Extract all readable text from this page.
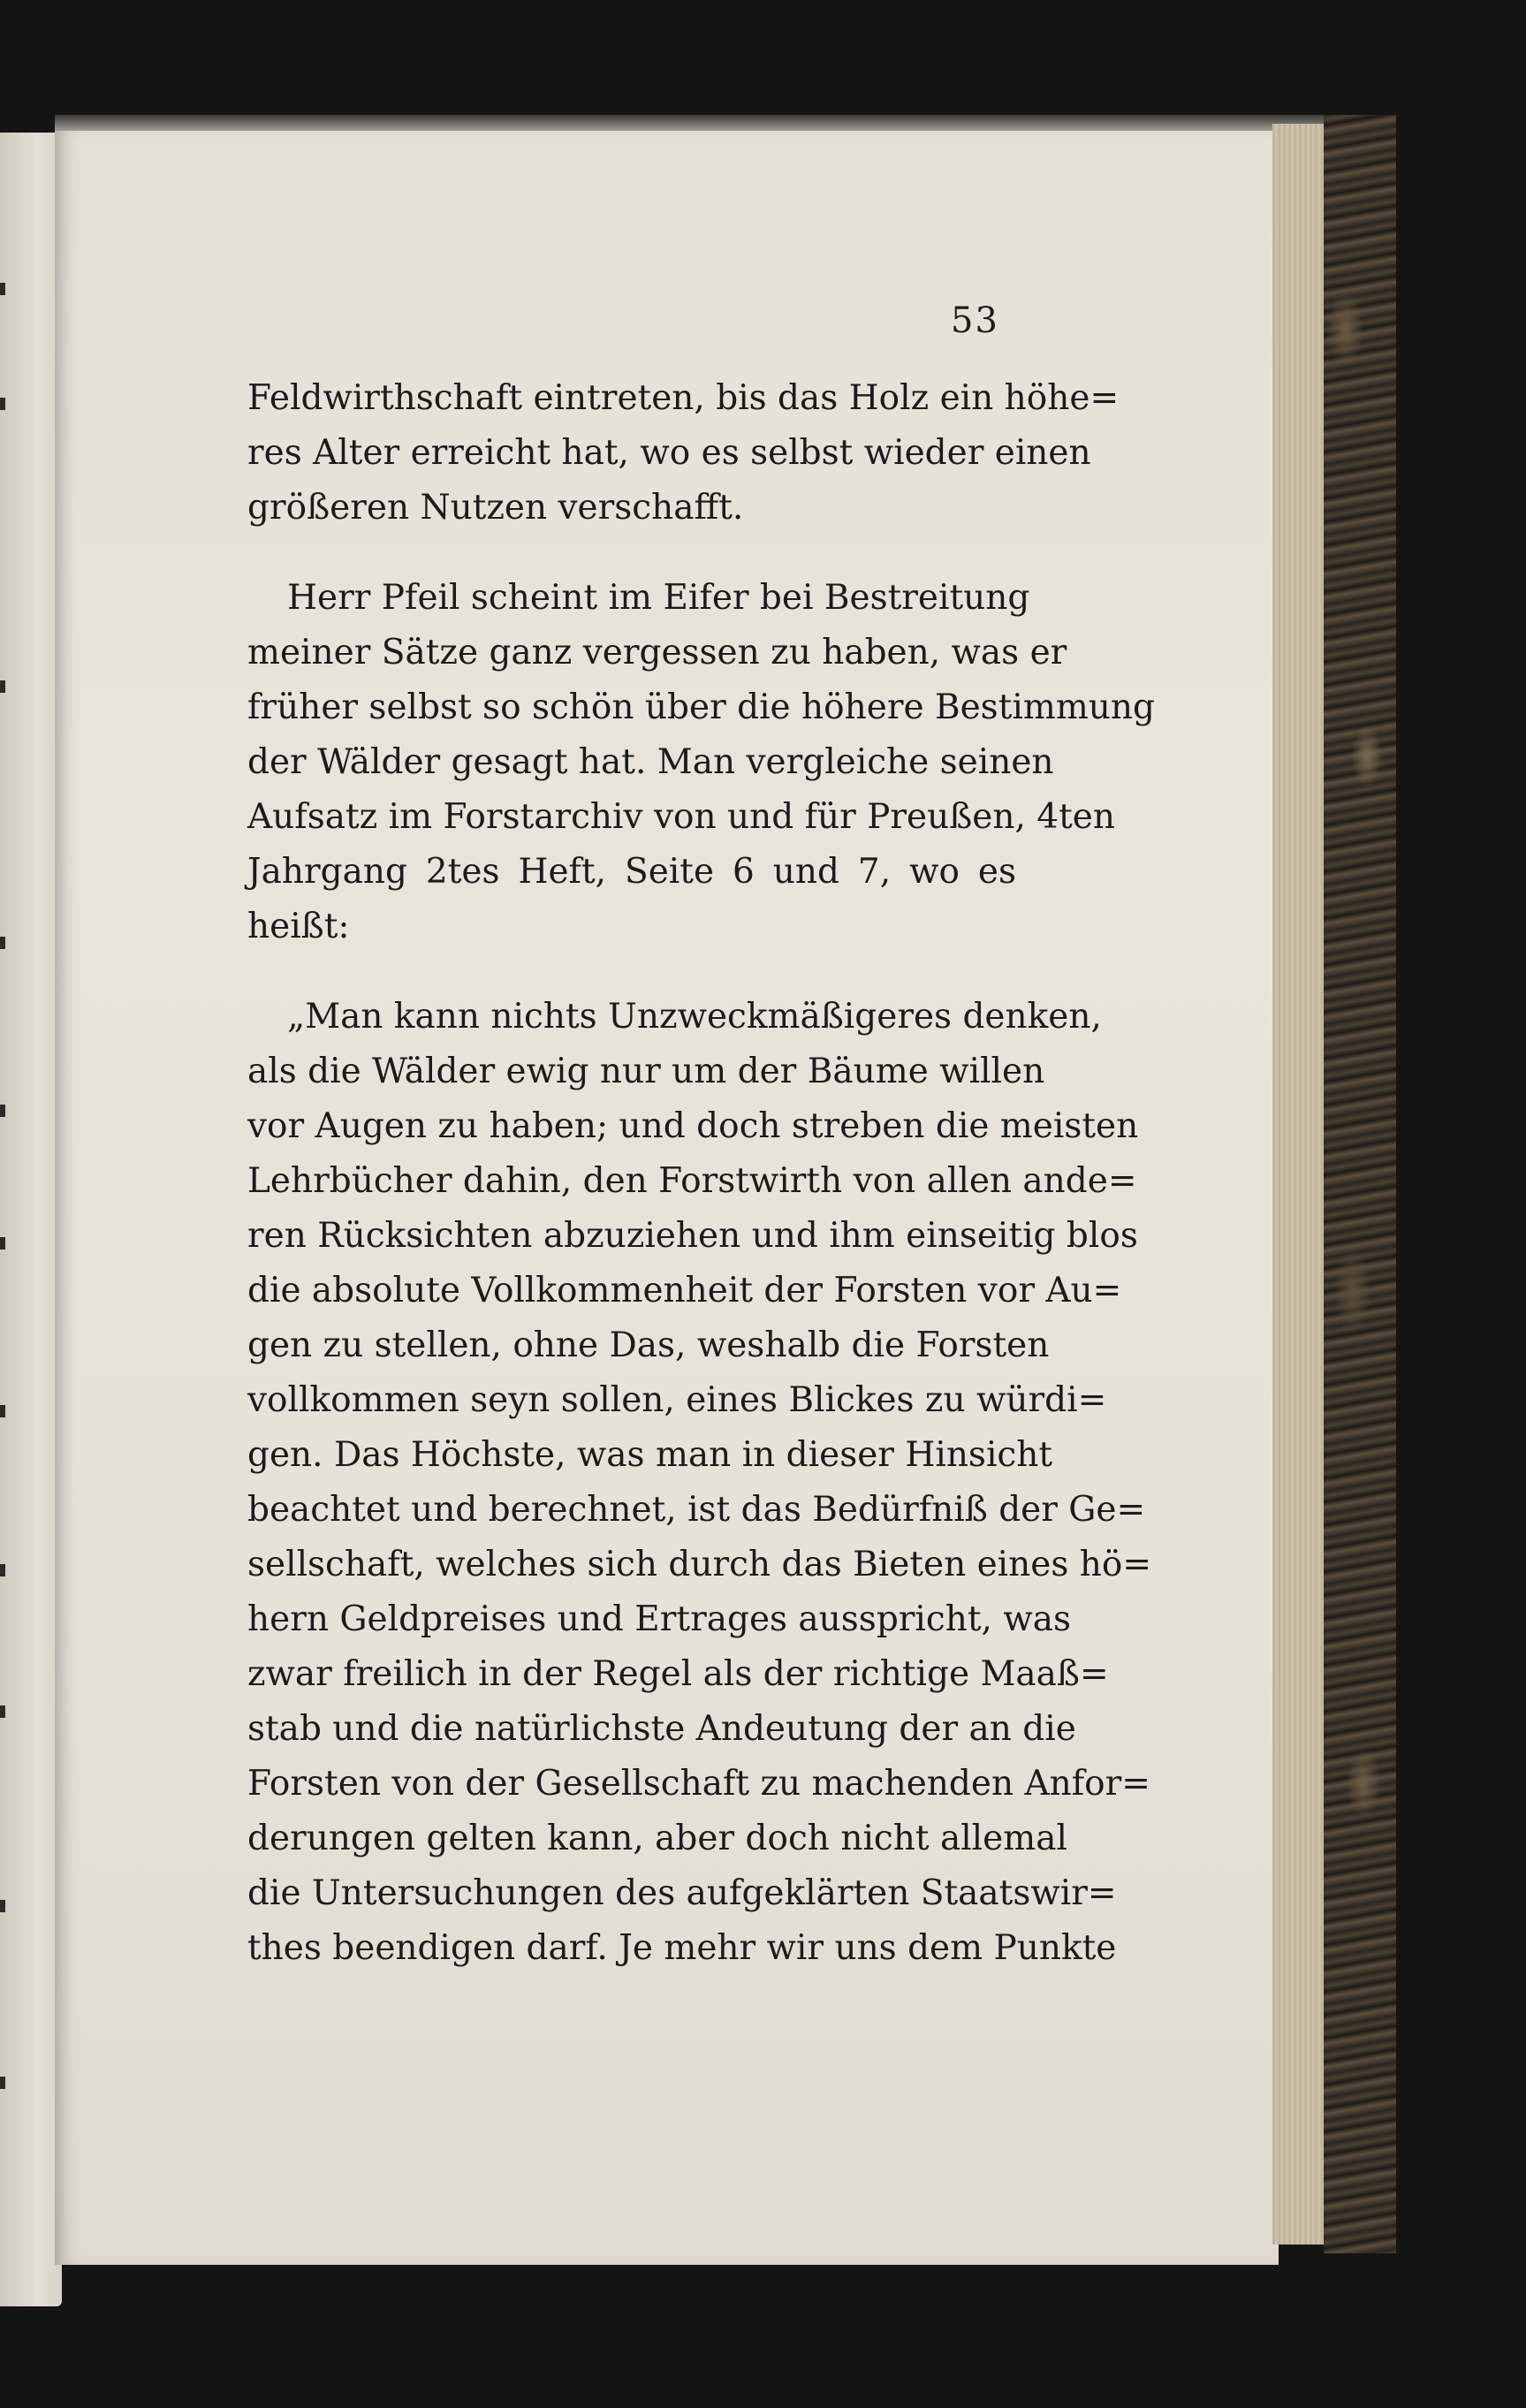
53
Feldwirthschaft eintreten, bis das Holz ein höhe=
res Alter erreicht hat, wo es selbst wieder einen
größeren Nutzen verschafft.
Herr Pfeil scheint im Eifer bei Bestreitung
meiner Sätze ganz vergessen zu haben, was er
früher selbst so schön über die höhere Bestimmung
der Wälder gesagt hat. Man vergleiche seinen
Aufsatz im Forstarchiv von und für Preußen, 4ten
Jahrgang 2tes Heft, Seite 6 und 7, wo es
heißt:
„Man kann nichts Unzweckmäßigeres denken,
als die Wälder ewig nur um der Bäume willen
vor Augen zu haben; und doch streben die meisten
Lehrbücher dahin, den Forstwirth von allen ande=
ren Rücksichten abzuziehen und ihm einseitig blos
die absolute Vollkommenheit der Forsten vor Au=
gen zu stellen, ohne Das, weshalb die Forsten
vollkommen seyn sollen, eines Blickes zu würdi=
gen. Das Höchste, was man in dieser Hinsicht
beachtet und berechnet, ist das Bedürfniß der Ge=
sellschaft, welches sich durch das Bieten eines hö=
hern Geldpreises und Ertrages ausspricht, was
zwar freilich in der Regel als der richtige Maaß=
stab und die natürlichste Andeutung der an die
Forsten von der Gesellschaft zu machenden Anfor=
derungen gelten kann, aber doch nicht allemal
die Untersuchungen des aufgeklärten Staatswir=
thes beendigen darf. Je mehr wir uns dem Punkte
